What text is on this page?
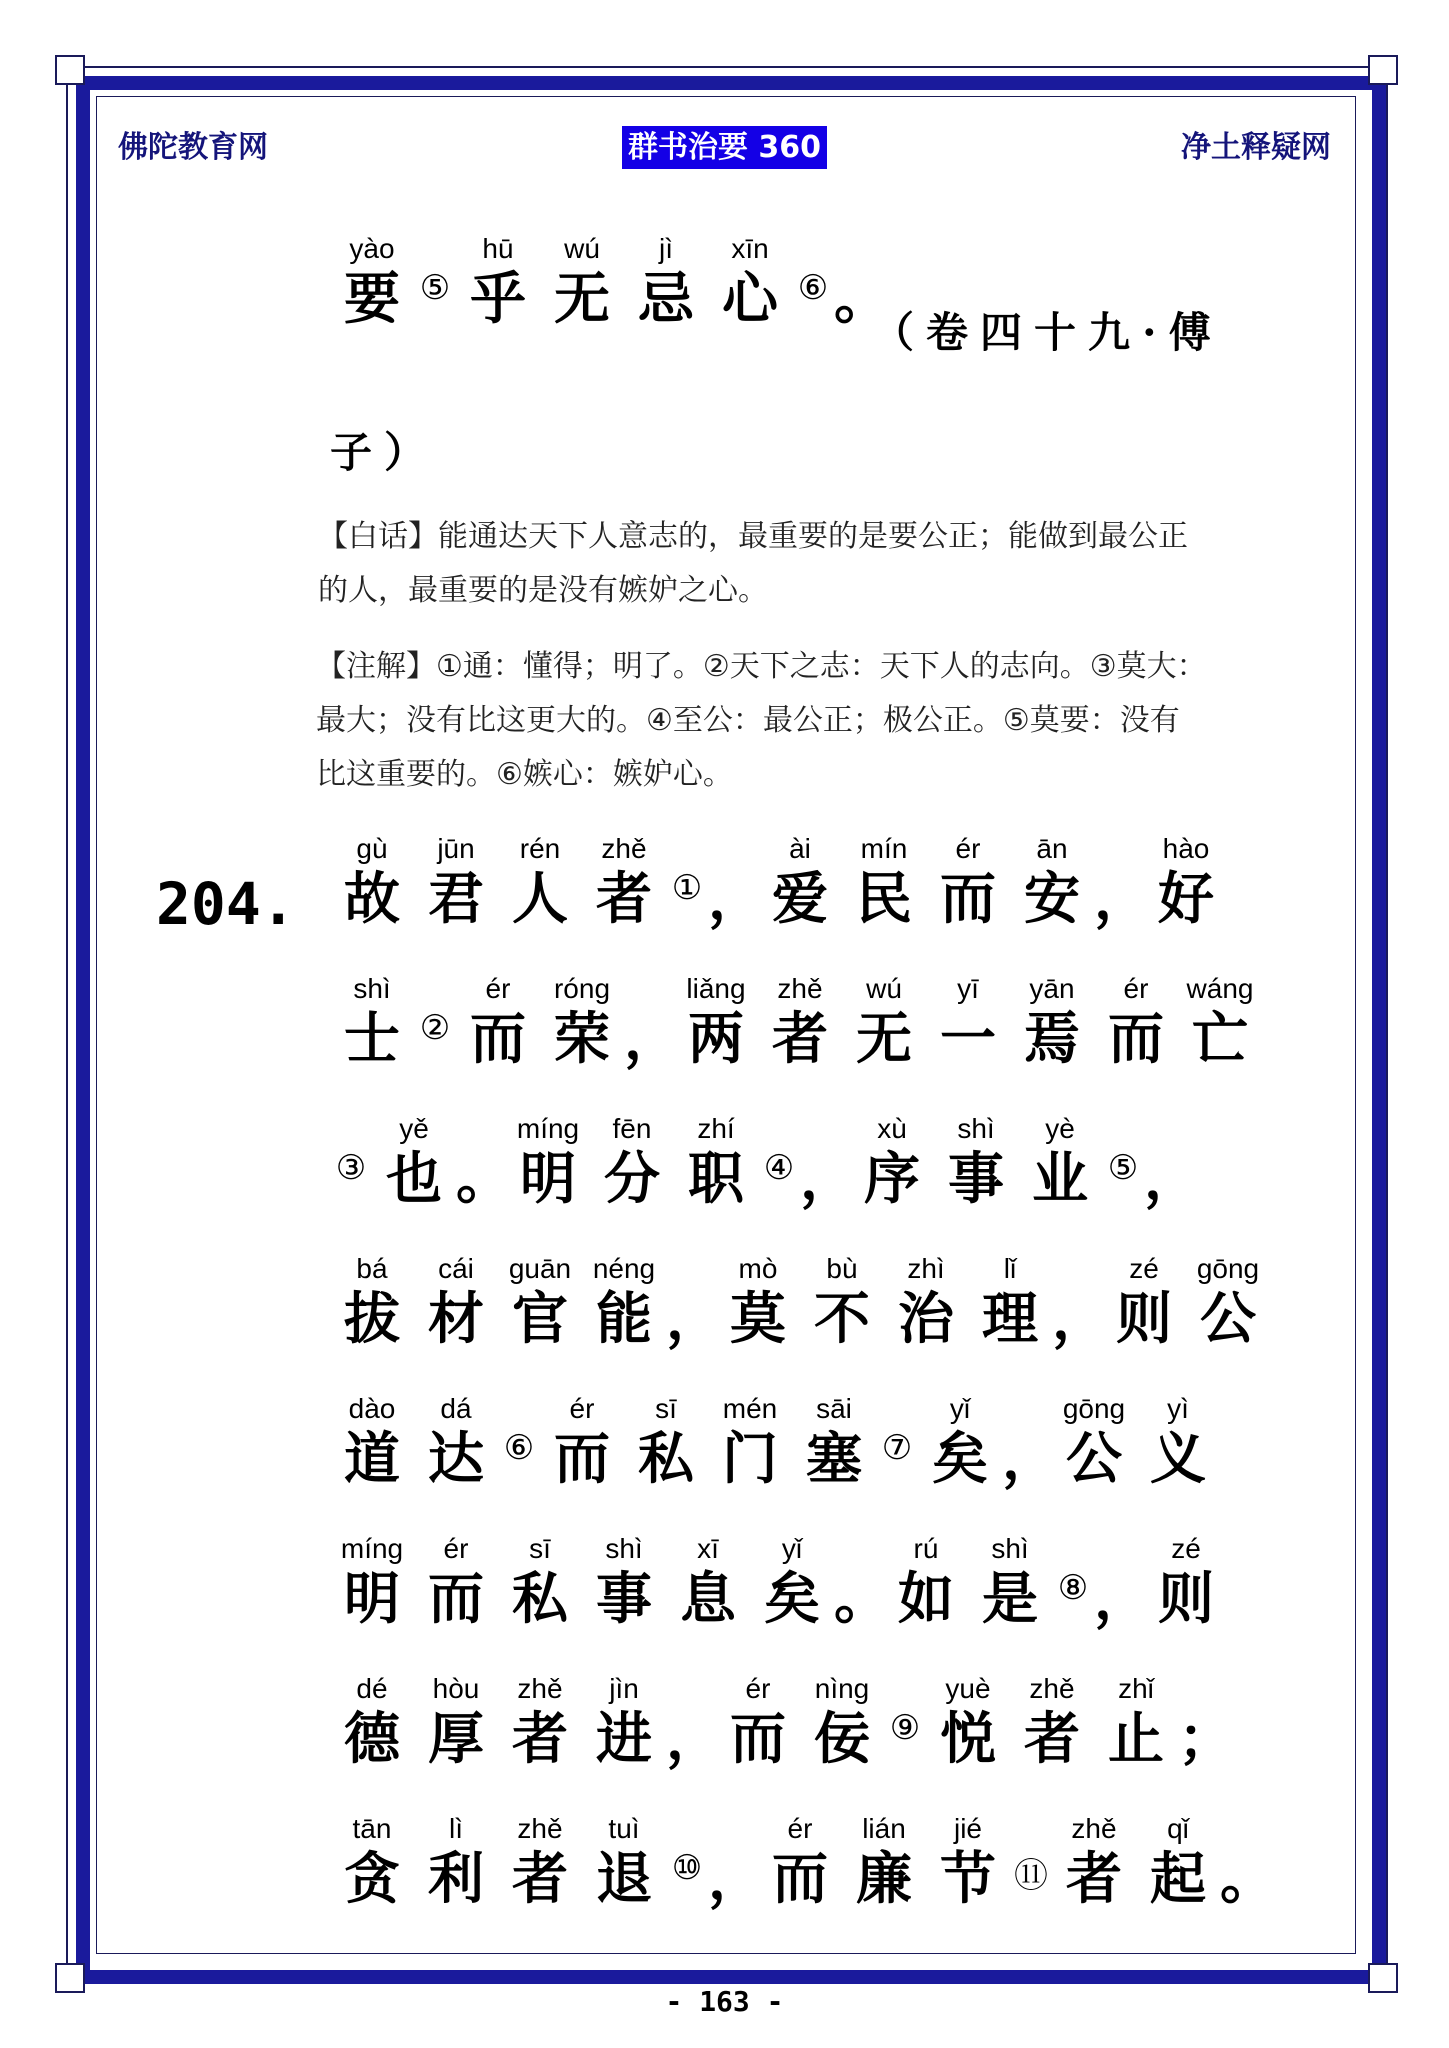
佛陀教育网	群书治要 360	净土释疑网
yào
要 ⑤
hū
乎
wú
无
jì
忌
xīn
心 ⑥ 。
（卷四十九·傅
子）
【白话】能通达天下人意志的，最重要的是要公正；能做到最公正
的人，最重要的是没有嫉妒之心。
【注解】①通：懂得；明了。②天下之志：天下人的志向。③莫大：
最大；没有比这更大的。④至公：最公正；极公正。⑤莫要：没有
比这重要的。⑥嫉心：嫉妒心。
204.
gù
故
jūn
君
rén
人
zhě
者 ① ，
ài
爱
mín
民
ér
而
ān
安 ，
hào
好
shì
士 ②
ér
而
róng
荣 ，
liǎng
两
zhě
者
wú
无
yī
一
yān
焉
ér
而
wáng
亡
③
yě
也 。
míng
明
fēn
分
zhí
职 ④ ，
xù
序
shì
事
yè
业 ⑤ ，
bá
拔
cái
材
guān
官
néng
能 ，
mò
莫
bù
不
zhì
治
lǐ
理 ，
zé
则
gōng
公
dào
道
dá
达 ⑥
ér
而
sī
私
mén
门
sāi
塞 ⑦
yǐ
矣 ，
gōng
公
yì
义
míng
明
ér
而
sī
私
shì
事
xī
息
yǐ
矣 。
rú
如
shì
是 ⑧ ，
zé
则
dé
德
hòu
厚
zhě
者
jìn
进 ，
ér
而
nìng
佞 ⑨
yuè
悦
zhě
者
zhǐ
止 ；
tān
贪
lì
利
zhě
者
tuì
退 ⑩ ，
ér
而
lián
廉
jié
节 ⑪
zhě
者
qǐ
起 。
- 163 -
